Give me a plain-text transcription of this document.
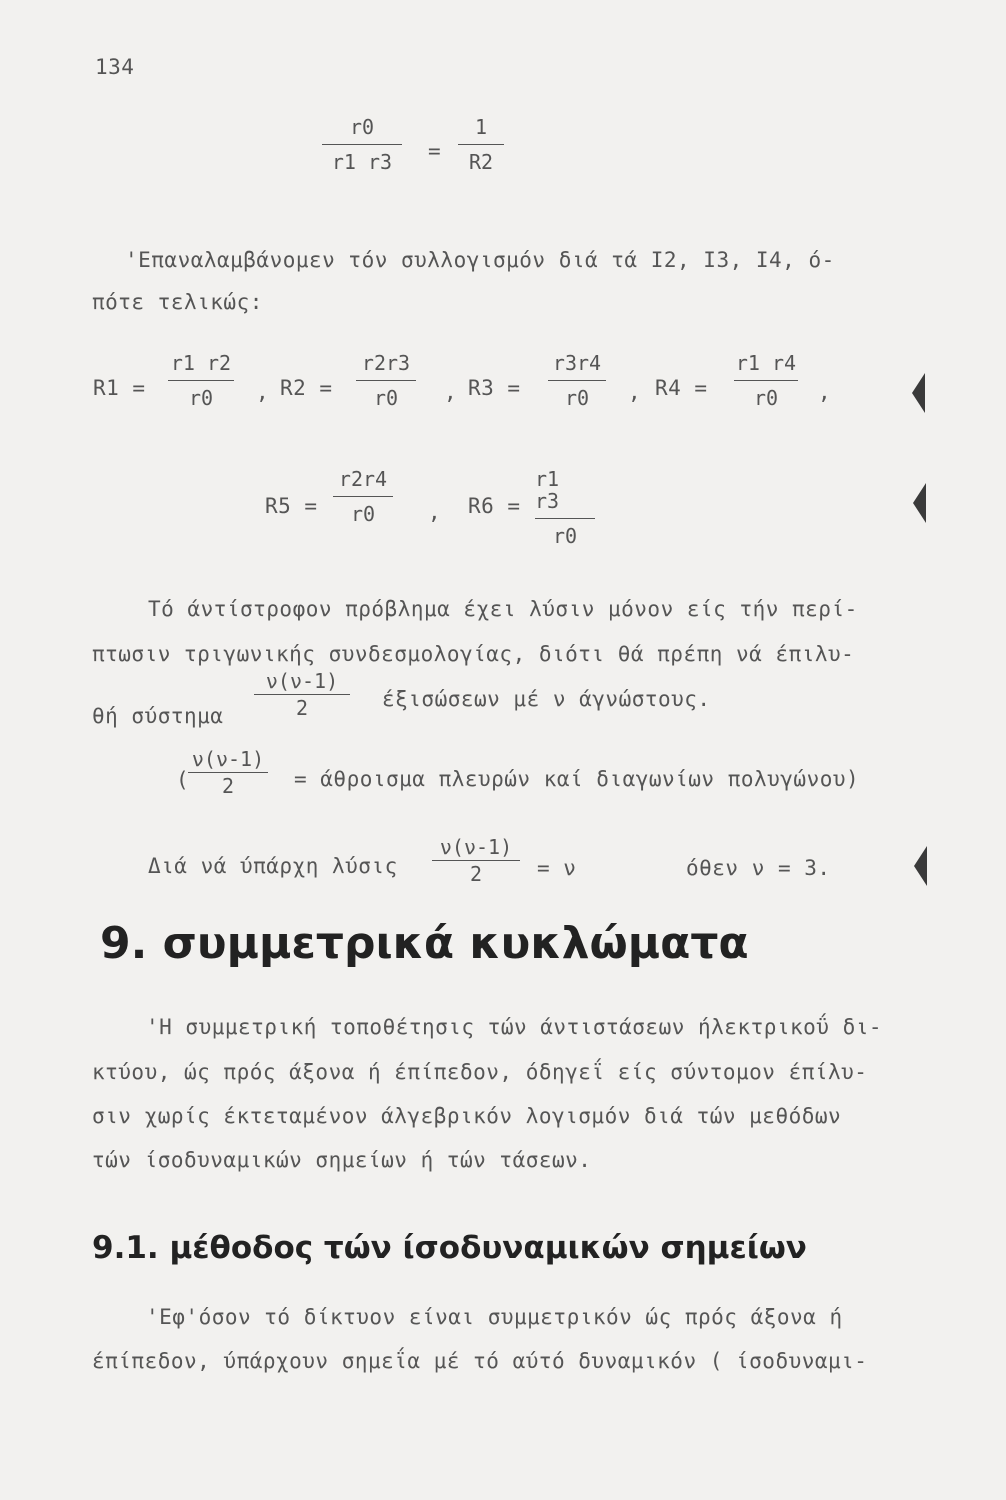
134
r0
r1 r3 =
1
R2
'Επαναλαμβάνομεν τόν συλλογισμόν διά τά I2, I3, I4, ό-
πότε τελικώς:
R1 =
r1 r2
r0 , R2 =
r2r3
r0 , R3 =
r3r4
r0 , R4 =
r1 r4
r0 ,
R5 =
r2r4
r0	, R6 =
r1 r3
r0
Τό άντίστροφον πρόβλημα έχει λύσιν μόνον είς τήν περί-
πτωσιν τριγωνικής συνδεσμολογίας, διότι θά πρέπη νά έπιλυ-
θή σύστημα
ν(ν-1)
2	έξισώσεων μέ ν άγνώστους.
(
ν(ν-1)
2	= άθροισμα πλευρών καί διαγωνίων πολυγώνου)
Διά νά ύπάρχη λύσις
ν(ν-1)
2	= ν	όθεν ν = 3.
9. συμμετρικά κυκλώματα
'Η συμμετρική τοποθέτησις τών άντιστάσεων ήλεκτρικοΰ δι-
κτύου, ώς πρός άξονα ή έπίπεδον, όδηγεΐ είς σύντομον έπίλυ-
σιν χωρίς έκτεταμένον άλγεβρικόν λογισμόν διά τών μεθόδων
τών ίσοδυναμικών σημείων ή τών τάσεων.
9.1. μέθοδος τών ίσοδυναμικών σημείων
'Εφ'όσον τό δίκτυον είναι συμμετρικόν ώς πρός άξονα ή
έπίπεδον, ύπάρχουν σημεΐα μέ τό αύτό δυναμικόν ( ίσοδυναμι-
